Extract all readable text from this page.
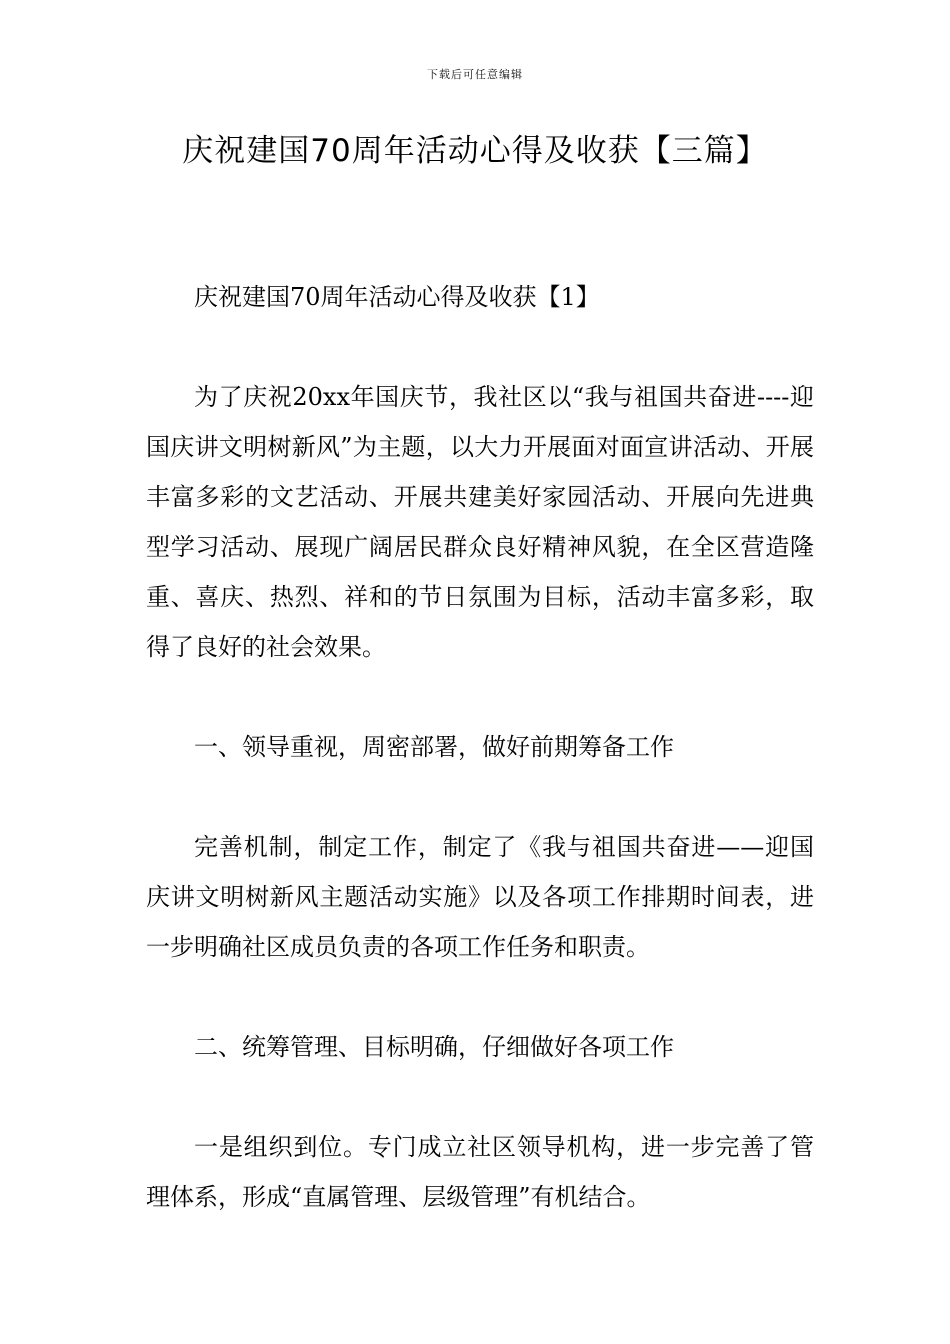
下载后可任意编辑
庆祝建国70周年活动心得及收获【三篇】

庆祝建国70周年活动心得及收获【1】

为了庆祝20xx年国庆节，我社区以“我与祖国共奋进----迎国庆讲文明树新风”为主题，以大力开展面对面宣讲活动、开展丰富多彩的文艺活动、开展共建美好家园活动、开展向先进典型学习活动、展现广阔居民群众良好精神风貌，在全区营造隆重、喜庆、热烈、祥和的节日氛围为目标，活动丰富多彩，取得了良好的社会效果。

一、领导重视，周密部署，做好前期筹备工作

完善机制，制定工作，制定了《我与祖国共奋进——迎国庆讲文明树新风主题活动实施》以及各项工作排期时间表，进一步明确社区成员负责的各项工作任务和职责。

二、统筹管理、目标明确，仔细做好各项工作

一是组织到位。专门成立社区领导机构，进一步完善了管理体系，形成“直属管理、层级管理”有机结合。
